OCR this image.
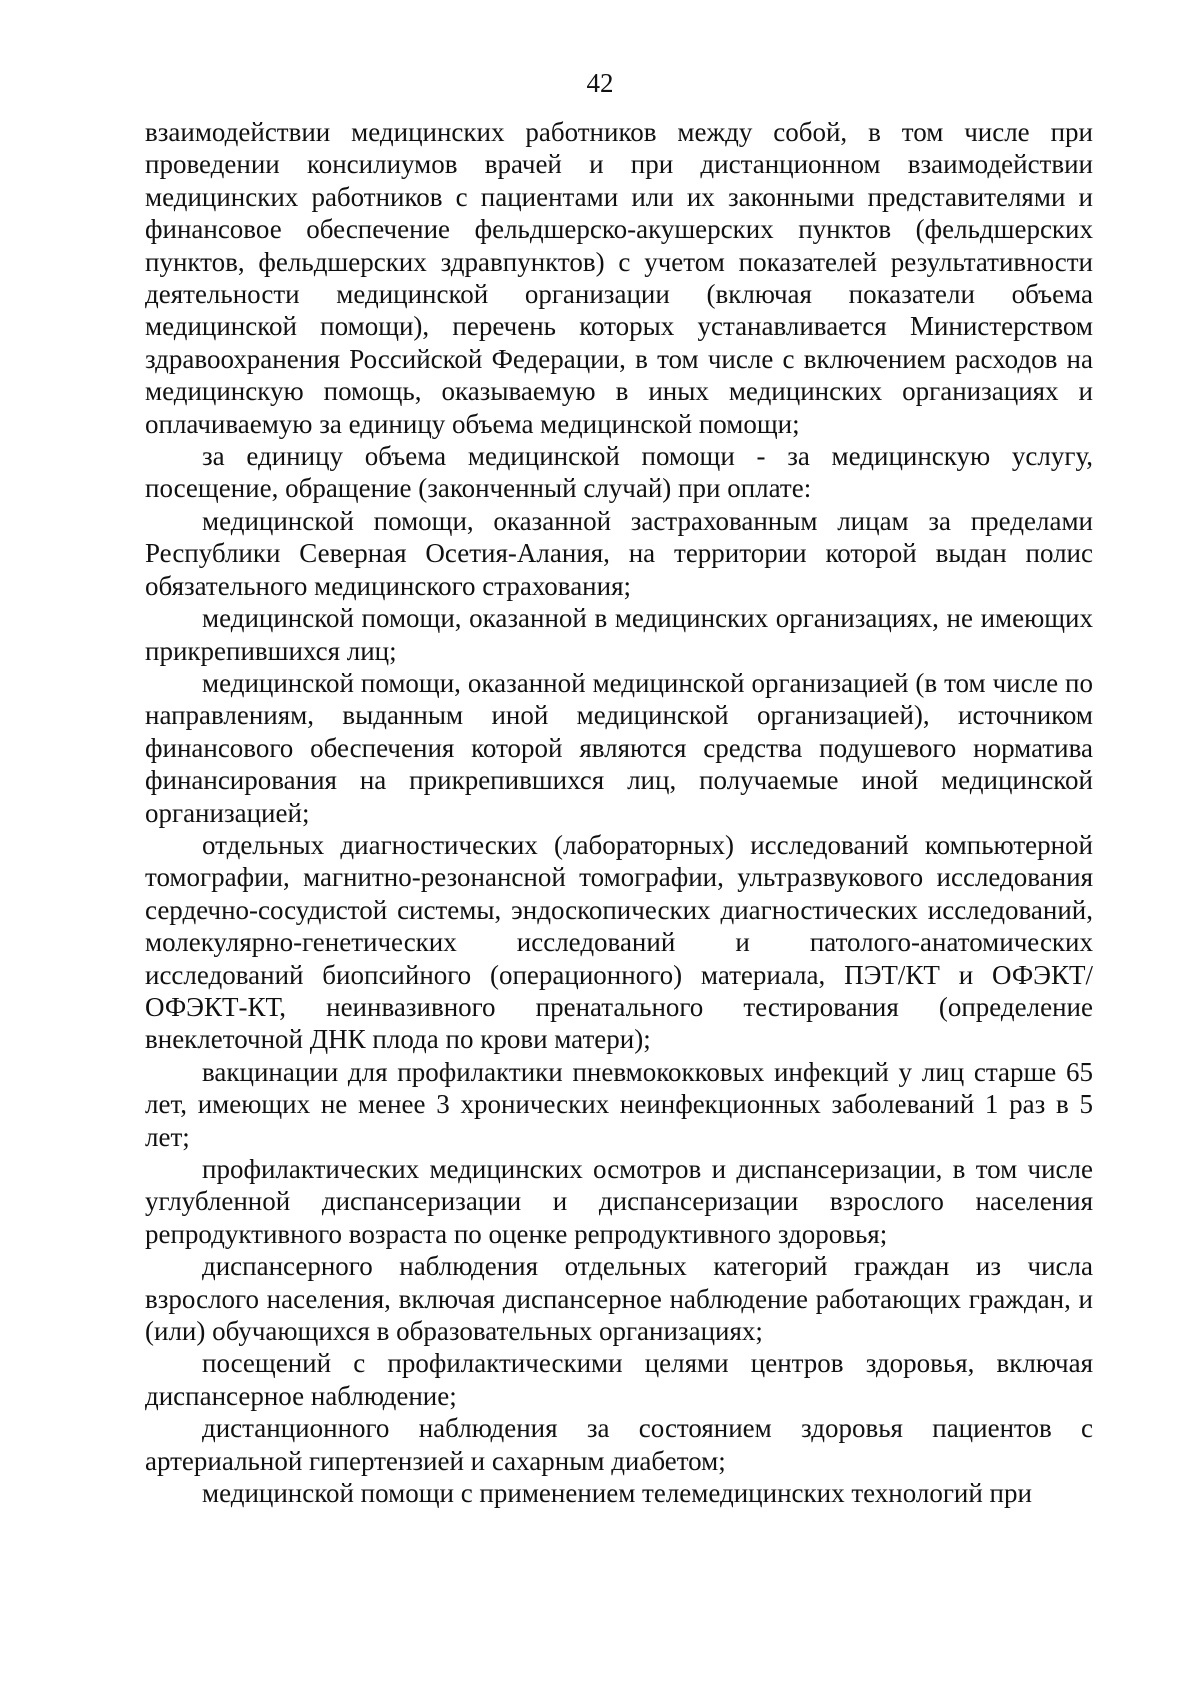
42

взаимодействии медицинских работников между собой, в том числе при проведении консилиумов врачей и при дистанционном взаимодействии медицинских работников с пациентами или их законными представителями и финансовое обеспечение фельдшерско-акушерских пунктов (фельдшерских пунктов, фельдшерских здравпунктов) с учетом показателей результативности деятельности медицинской организации (включая показатели объема медицинской помощи), перечень которых устанавливается Министерством здравоохранения Российской Федерации, в том числе с включением расходов на медицинскую помощь, оказываемую в иных медицинских организациях и оплачиваемую за единицу объема медицинской помощи;

за единицу объема медицинской помощи - за медицинскую услугу, посещение, обращение (законченный случай) при оплате:

медицинской помощи, оказанной застрахованным лицам за пределами Республики Северная Осетия-Алания, на территории которой выдан полис обязательного медицинского страхования;

медицинской помощи, оказанной в медицинских организациях, не имеющих прикрепившихся лиц;

медицинской помощи, оказанной медицинской организацией (в том числе по направлениям, выданным иной медицинской организацией), источником финансового обеспечения которой являются средства подушевого норматива финансирования на прикрепившихся лиц, получаемые иной медицинской организацией;

отдельных диагностических (лабораторных) исследований компьютерной томографии, магнитно-резонансной томографии, ультразвукового исследования сердечно-сосудистой системы, эндоскопических диагностических исследований, молекулярно-генетических исследований и патолого-анатомических исследований биопсийного (операционного) материала, ПЭТ/КТ и ОФЭКТ/ОФЭКТ-КТ, неинвазивного пренатального тестирования (определение внеклеточной ДНК плода по крови матери);

вакцинации для профилактики пневмококковых инфекций у лиц старше 65 лет, имеющих не менее 3 хронических неинфекционных заболеваний 1 раз в 5 лет;

профилактических медицинских осмотров и диспансеризации, в том числе углубленной диспансеризации и диспансеризации взрослого населения репродуктивного возраста по оценке репродуктивного здоровья;

диспансерного наблюдения отдельных категорий граждан из числа взрослого населения, включая диспансерное наблюдение работающих граждан, и (или) обучающихся в образовательных организациях;

посещений с профилактическими целями центров здоровья, включая диспансерное наблюдение;

дистанционного наблюдения за состоянием здоровья пациентов с артериальной гипертензией и сахарным диабетом;

медицинской помощи с применением телемедицинских технологий при
